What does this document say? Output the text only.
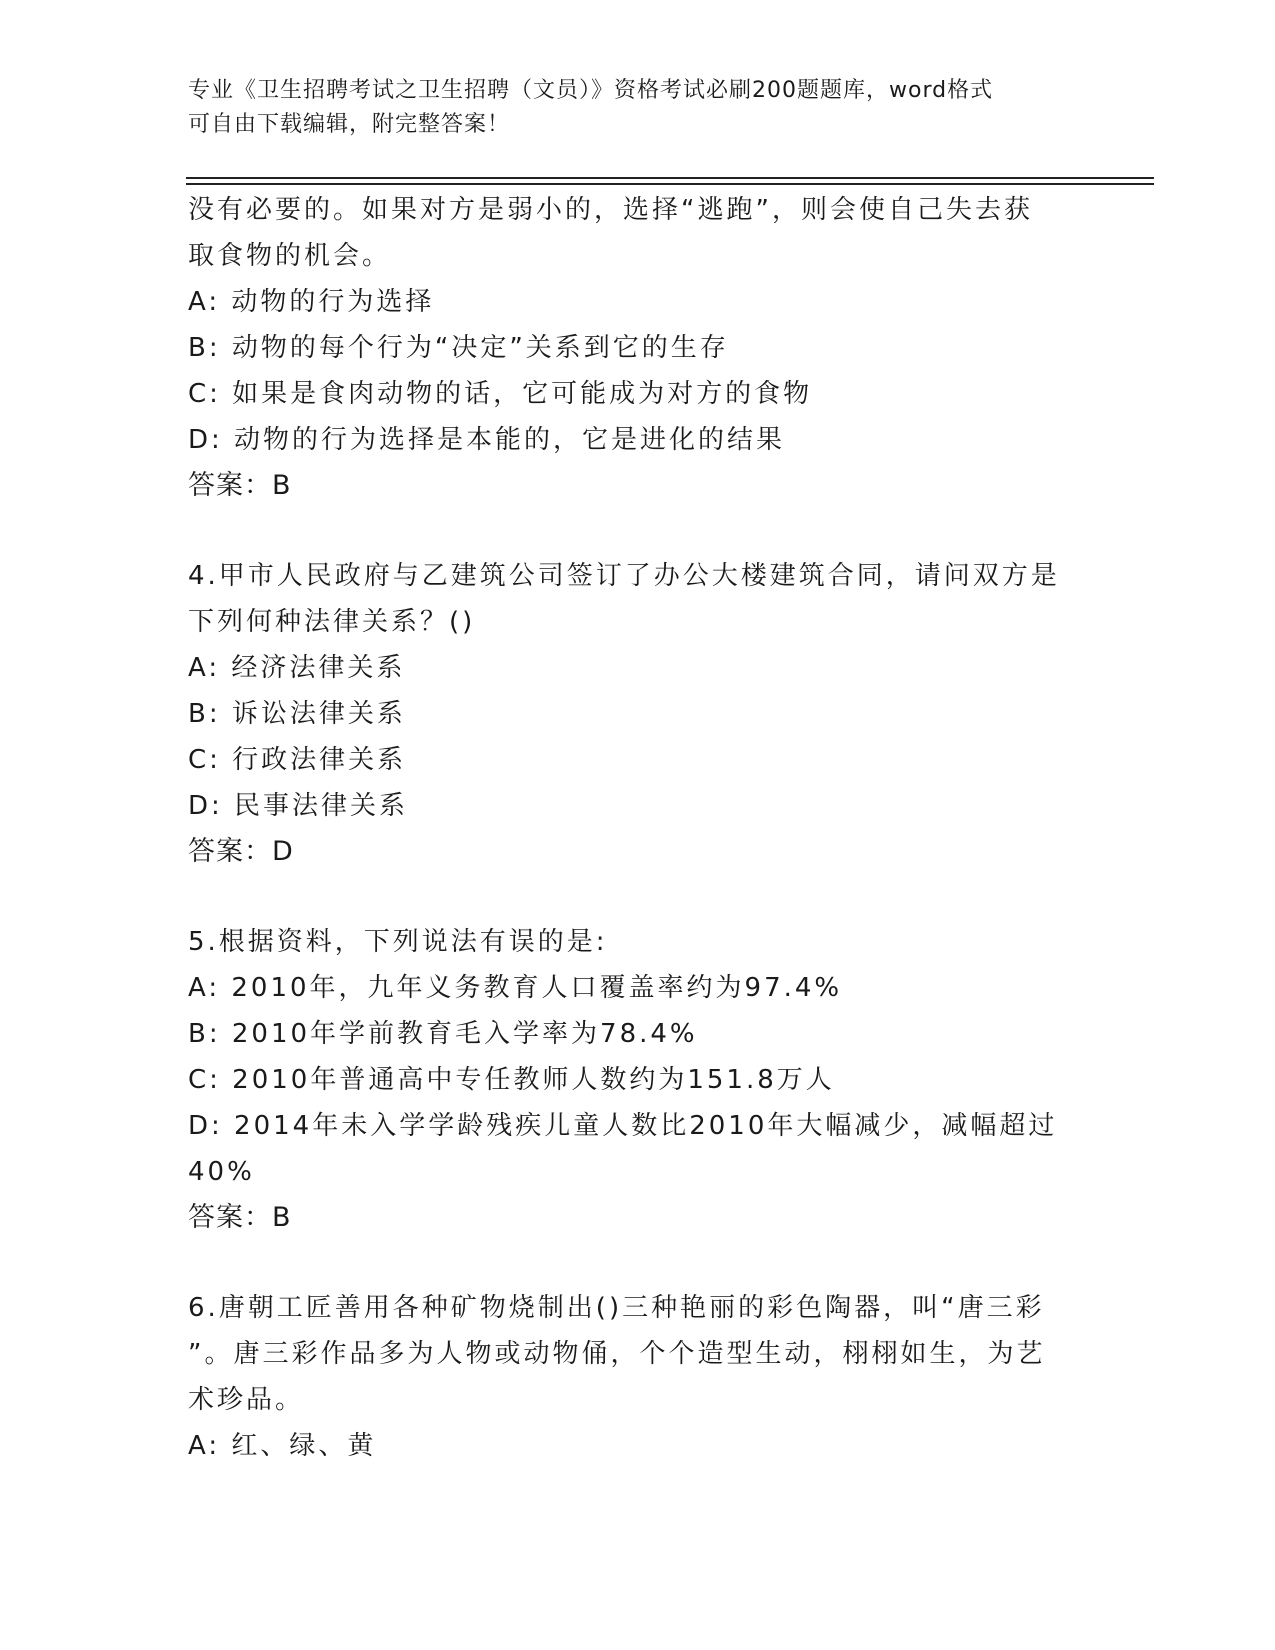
专业《卫生招聘考试之卫生招聘（文员）》资格考试必刷200题题库，word格式
可自由下载编辑，附完整答案！
没有必要的。如果对方是弱小的，选择“逃跑”，则会使自己失去获
取食物的机会。
A: 动物的行为选择
B: 动物的每个行为“决定”关系到它的生存
C: 如果是食肉动物的话，它可能成为对方的食物
D: 动物的行为选择是本能的，它是进化的结果
答案：B
4.甲市人民政府与乙建筑公司签订了办公大楼建筑合同，请问双方是
下列何种法律关系？()
A: 经济法律关系
B: 诉讼法律关系
C: 行政法律关系
D: 民事法律关系
答案：D
5.根据资料，下列说法有误的是:
A: 2010年，九年义务教育人口覆盖率约为97.4%
B: 2010年学前教育毛入学率为78.4%
C: 2010年普通高中专任教师人数约为151.8万人
D: 2014年未入学学龄残疾儿童人数比2010年大幅减少，减幅超过
40%
答案：B
6.唐朝工匠善用各种矿物烧制出()三种艳丽的彩色陶器，叫“唐三彩
”。唐三彩作品多为人物或动物俑，个个造型生动，栩栩如生，为艺
术珍品。
A: 红、绿、黄
